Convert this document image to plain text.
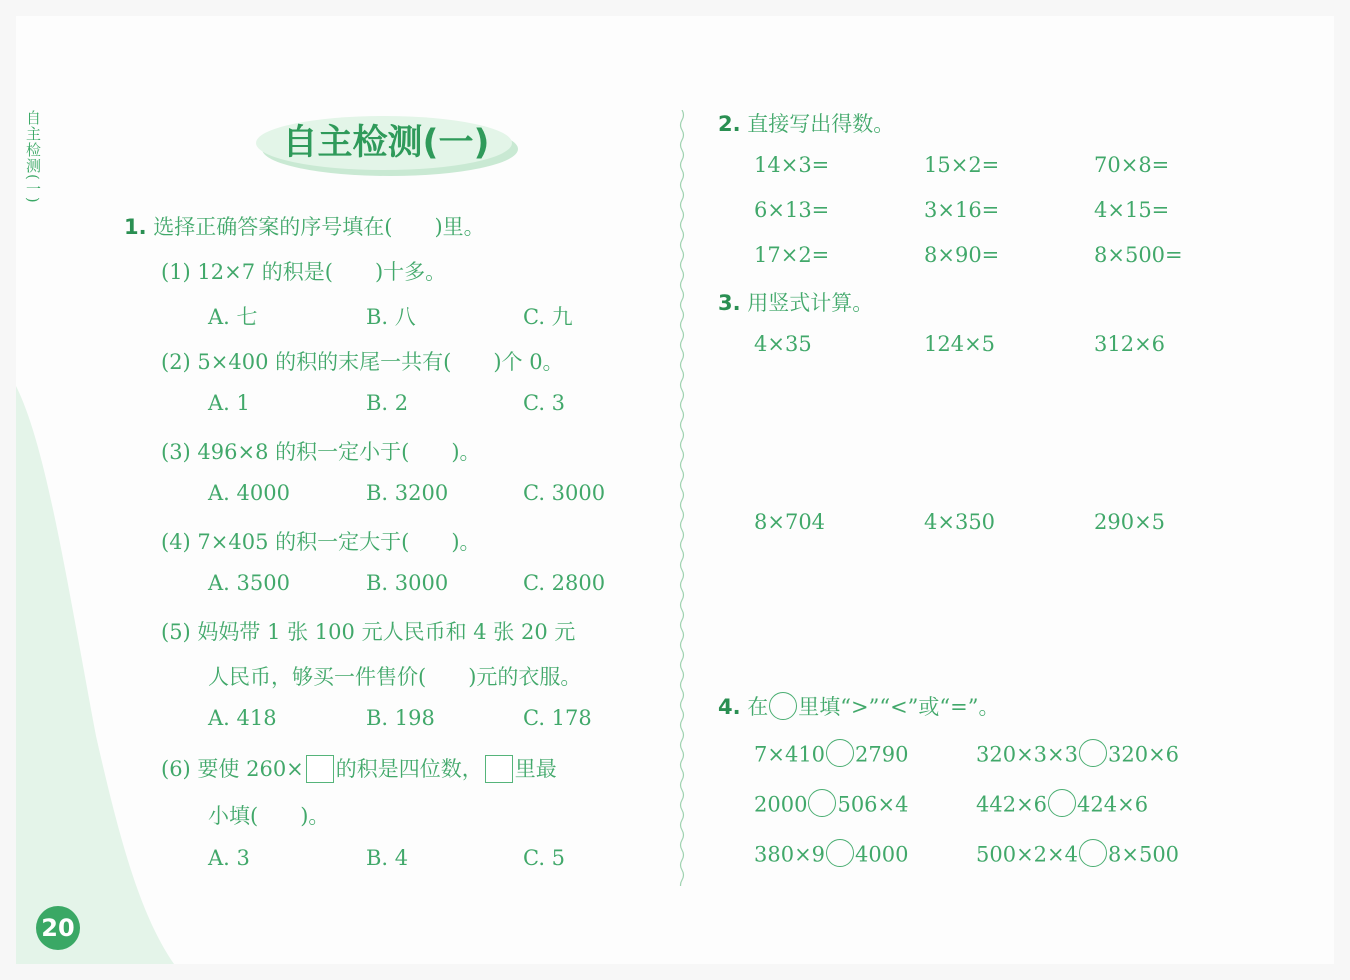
自主检测(一)	自主检测(一)
1. 选择正确答案的序号填在(　　)里。
(1) 12×7 的积是(　　)十多。
A. 七	B. 八	C. 九
(2) 5×400 的积的末尾一共有(　　)个 0。
A. 1	B. 2	C. 3
(3) 496×8 的积一定小于(　　)。
A. 4000	B. 3200	C. 3000
(4) 7×405 的积一定大于(　　)。
A. 3500	B. 3000	C. 2800
(5) 妈妈带 1 张 100 元人民币和 4 张 20 元
人民币，够买一件售价(　　)元的衣服。
A. 418	B. 198	C. 178
(6) 要使 260× 的积是四位数， 里最
小填(　　)。
A. 3	B. 4	C. 5
2. 直接写出得数。
14×3=	15×2=	70×8=
6×13=	3×16=	4×15=
17×2=	8×90=	8×500=
3. 用竖式计算。
4×35	124×5	312×6
8×704	4×350	290×5
4. 在 里填“>”“<”或“=”。
7×410 2790	320×3×3 320×6
2000 506×4	442×6 424×6
380×9 4000	500×2×4 8×500
20
